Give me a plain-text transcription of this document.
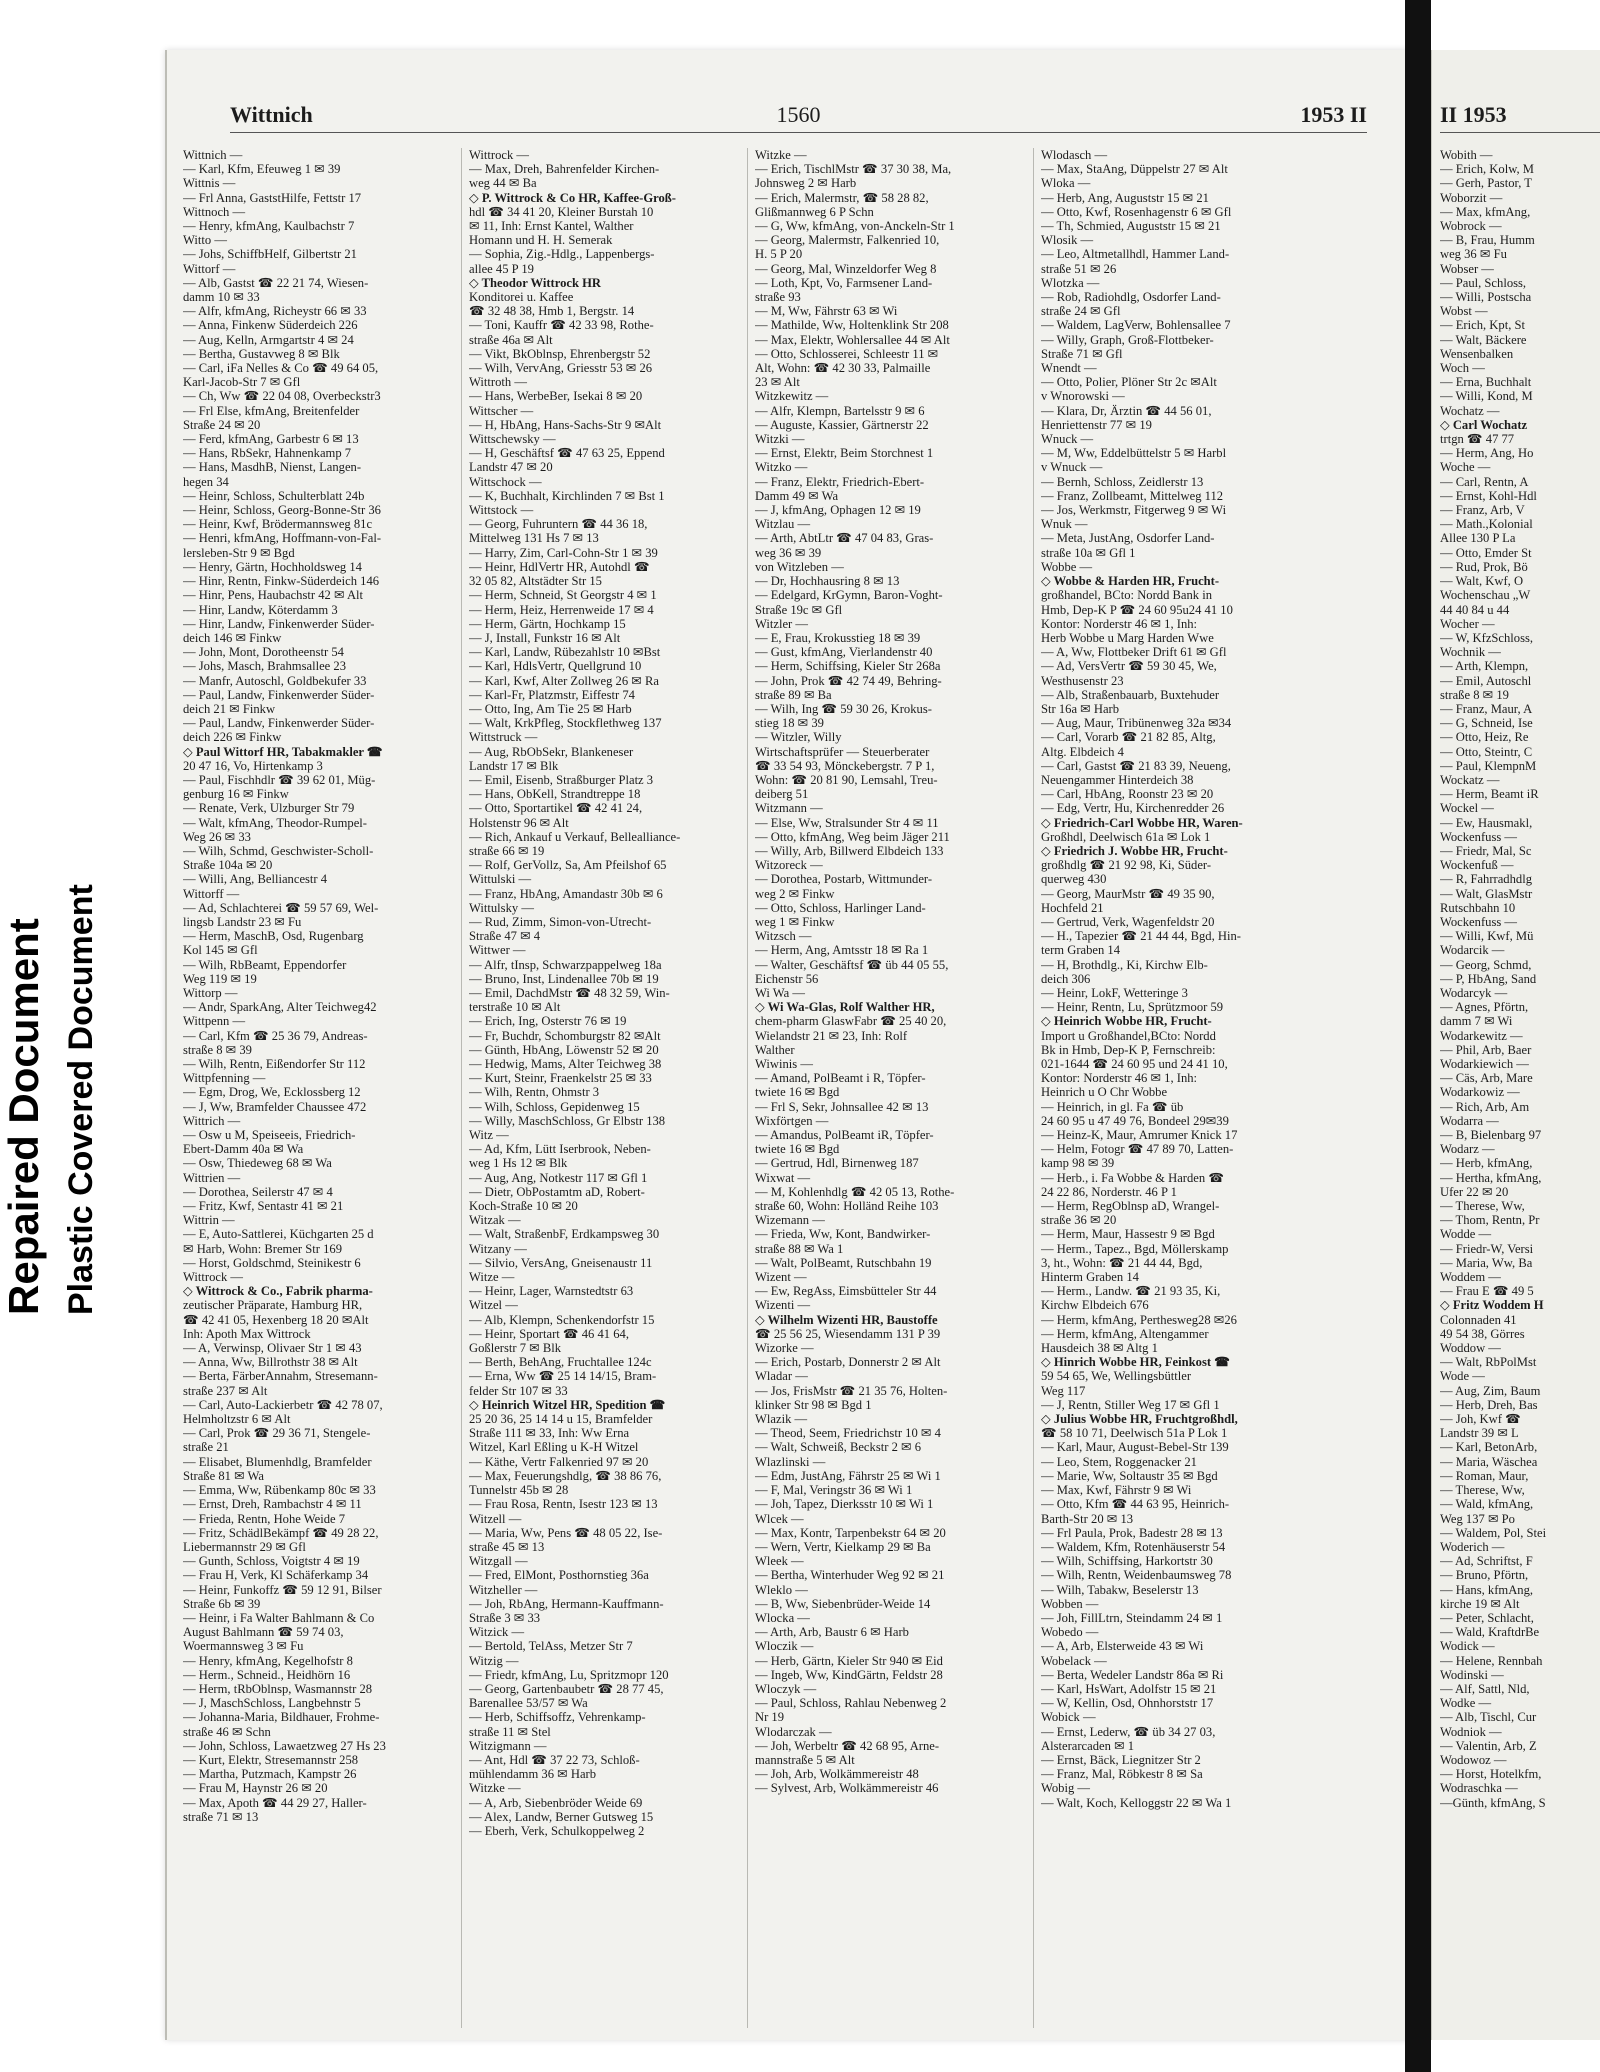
Repaired Document Plastic Covered Document
Wittnich	1560	1953 II
Wittnich —
— Karl, Kfm, Efeuweg 1 ✉ 39
Wittnis —
— Frl Anna, GaststHilfe, Fettstr 17
Wittnoch —
— Henry, kfmAng, Kaulbachstr 7
Witto —
— Johs, SchiffbHelf, Gilbertstr 21
Wittorf —
— Alb, Gastst ☎ 22 21 74, Wiesen-
damm 10 ✉ 33
— Alfr, kfmAng, Richeystr 66 ✉ 33
— Anna, Finkenw Süderdeich 226
— Aug, Kelln, Armgartstr 4 ✉ 24
— Bertha, Gustavweg 8 ✉ Blk
— Carl, iFa Nelles & Co ☎ 49 64 05,
Karl-Jacob-Str 7 ✉ Gfl
— Ch, Ww ☎ 22 04 08, Overbeckstr3
— Frl Else, kfmAng, Breitenfelder
Straße 24 ✉ 20
— Ferd, kfmAng, Garbestr 6 ✉ 13
— Hans, RbSekr, Hahnenkamp 7
— Hans, MasdhB, Nienst, Langen-
hegen 34
— Heinr, Schloss, Schulterblatt 24b
— Heinr, Schloss, Georg-Bonne-Str 36
— Heinr, Kwf, Brödermannsweg 81c
— Henri, kfmAng, Hoffmann-von-Fal-
lersleben-Str 9 ✉ Bgd
— Henry, Gärtn, Hochholdsweg 14
— Hinr, Rentn, Finkw-Süderdeich 146
— Hinr, Pens, Haubachstr 42 ✉ Alt
— Hinr, Landw, Köterdamm 3
— Hinr, Landw, Finkenwerder Süder-
deich 146 ✉ Finkw
— John, Mont, Dorotheenstr 54
— Johs, Masch, Brahmsallee 23
— Manfr, Autoschl, Goldbekufer 33
— Paul, Landw, Finkenwerder Süder-
deich 21 ✉ Finkw
— Paul, Landw, Finkenwerder Süder-
deich 226 ✉ Finkw
◇ Paul Wittorf HR, Tabakmakler ☎
20 47 16, Vo, Hirtenkamp 3
— Paul, Fischhdlr ☎ 39 62 01, Müg-
genburg 16 ✉ Finkw
— Renate, Verk, Ulzburger Str 79
— Walt, kfmAng, Theodor-Rumpel-
Weg 26 ✉ 33
— Wilh, Schmd, Geschwister-Scholl-
Straße 104a ✉ 20
— Willi, Ang, Belliancestr 4
Wittorff —
— Ad, Schlachterei ☎ 59 57 69, Wel-
lingsb Landstr 23 ✉ Fu
— Herm, MaschB, Osd, Rugenbarg
Kol 145 ✉ Gfl
— Wilh, RbBeamt, Eppendorfer
Weg 119 ✉ 19
Wittorp —
— Andr, SparkAng, Alter Teichweg42
Wittpenn —
— Carl, Kfm ☎ 25 36 79, Andreas-
straße 8 ✉ 39
— Wilh, Rentn, Eißendorfer Str 112
Wittpfenning —
— Egm, Drog, We, Ecklossberg 12
— J, Ww, Bramfelder Chaussee 472
Wittrich —
— Osw u M, Speiseeis, Friedrich-
Ebert-Damm 40a ✉ Wa
— Osw, Thiedeweg 68 ✉ Wa
Wittrien —
— Dorothea, Seilerstr 47 ✉ 4
— Fritz, Kwf, Sentastr 41 ✉ 21
Wittrin —
— E, Auto-Sattlerei, Küchgarten 25 d
✉ Harb, Wohn: Bremer Str 169
— Horst, Goldschmd, Steinikestr 6
Wittrock —
◇ Wittrock & Co., Fabrik pharma-
zeutischer Präparate, Hamburg HR,
☎ 42 41 05, Hexenberg 18 20 ✉Alt
Inh: Apoth Max Wittrock
— A, Verwinsp, Olivaer Str 1 ✉ 43
— Anna, Ww, Billrothstr 38 ✉ Alt
— Berta, FärberAnnahm, Stresemann-
straße 237 ✉ Alt
— Carl, Auto-Lackierbetr ☎ 42 78 07,
Helmholtzstr 6 ✉ Alt
— Carl, Prok ☎ 29 36 71, Stengele-
straße 21
— Elisabet, Blumenhdlg, Bramfelder
Straße 81 ✉ Wa
— Emma, Ww, Rübenkamp 80c ✉ 33
— Ernst, Dreh, Rambachstr 4 ✉ 11
— Frieda, Rentn, Hohe Weide 7
— Fritz, SchädlBekämpf ☎ 49 28 22,
Liebermannstr 29 ✉ Gfl
— Gunth, Schloss, Voigtstr 4 ✉ 19
— Frau H, Verk, Kl Schäferkamp 34
— Heinr, Funkoffz ☎ 59 12 91, Bilser
Straße 6b ✉ 39
— Heinr, i Fa Walter Bahlmann & Co
August Bahlmann ☎ 59 74 03,
Woermannsweg 3 ✉ Fu
— Henry, kfmAng, Kegelhofstr 8
— Herm., Schneid., Heidhörn 16
— Herm, tRbOblnsp, Wasmannstr 28
— J, MaschSchloss, Langbehnstr 5
— Johanna-Maria, Bildhauer, Frohme-
straße 46 ✉ Schn
— John, Schloss, Lawaetzweg 27 Hs 23
— Kurt, Elektr, Stresemannstr 258
— Martha, Putzmach, Kampstr 26
— Frau M, Haynstr 26 ✉ 20
— Max, Apoth ☎ 44 29 27, Haller-
straße 71 ✉ 13
Wittrock —
— Max, Dreh, Bahrenfelder Kirchen-
weg 44 ✉ Ba
◇ P. Wittrock & Co HR, Kaffee-Groß-
hdl ☎ 34 41 20, Kleiner Burstah 10
✉ 11, Inh: Ernst Kantel, Walther
Homann und H. H. Semerak
— Sophia, Zig.-Hdlg., Lappenbergs-
allee 45 P 19
◇ Theodor Wittrock HR
Konditorei u. Kaffee
☎ 32 48 38, Hmb 1, Bergstr. 14
— Toni, Kauffr ☎ 42 33 98, Rothe-
straße 46a ✉ Alt
— Vikt, BkOblnsp, Ehrenbergstr 52
— Wilh, VervAng, Griesstr 53 ✉ 26
Wittroth —
— Hans, WerbeBer, Isekai 8 ✉ 20
Wittscher —
— H, HbAng, Hans-Sachs-Str 9 ✉Alt
Wittschewsky —
— H, Geschäftsf ☎ 47 63 25, Eppend
Landstr 47 ✉ 20
Wittschock —
— K, Buchhalt, Kirchlinden 7 ✉ Bst 1
Wittstock —
— Georg, Fuhruntern ☎ 44 36 18,
Mittelweg 131 Hs 7 ✉ 13
— Harry, Zim, Carl-Cohn-Str 1 ✉ 39
— Heinr, HdlVertr HR, Autohdl ☎
32 05 82, Altstädter Str 15
— Herm, Schneid, St Georgstr 4 ✉ 1
— Herm, Heiz, Herrenweide 17 ✉ 4
— Herm, Gärtn, Hochkamp 15
— J, Install, Funkstr 16 ✉ Alt
— Karl, Landw, Rübezahlstr 10 ✉Bst
— Karl, HdlsVertr, Quellgrund 10
— Karl, Kwf, Alter Zollweg 26 ✉ Ra
— Karl-Fr, Platzmstr, Eiffestr 74
— Otto, Ing, Am Tie 25 ✉ Harb
— Walt, KrkPfleg, Stockflethweg 137
Wittstruck —
— Aug, RbObSekr, Blankeneser
Landstr 17 ✉ Blk
— Emil, Eisenb, Straßburger Platz 3
— Hans, ObKell, Strandtreppe 18
— Otto, Sportartikel ☎ 42 41 24,
Holstenstr 96 ✉ Alt
— Rich, Ankauf u Verkauf, Bellealliance-
straße 66 ✉ 19
— Rolf, GerVollz, Sa, Am Pfeilshof 65
Wittulski —
— Franz, HbAng, Amandastr 30b ✉ 6
Wittulsky —
— Rud, Zimm, Simon-von-Utrecht-
Straße 47 ✉ 4
Wittwer —
— Alfr, tInsp, Schwarzpappelweg 18a
— Bruno, Inst, Lindenallee 70b ✉ 19
— Emil, DachdMstr ☎ 48 32 59, Win-
terstraße 10 ✉ Alt
— Erich, Ing, Osterstr 76 ✉ 19
— Fr, Buchdr, Schomburgstr 82 ✉Alt
— Günth, HbAng, Löwenstr 52 ✉ 20
— Hedwig, Mams, Alter Teichweg 38
— Kurt, Steinr, Fraenkelstr 25 ✉ 33
— Wilh, Rentn, Ohmstr 3
— Wilh, Schloss, Gepidenweg 15
— Willy, MaschSchloss, Gr Elbstr 138
Witz —
— Ad, Kfm, Lütt Iserbrook, Neben-
weg 1 Hs 12 ✉ Blk
— Aug, Ang, Notkestr 117 ✉ Gfl 1
— Dietr, ObPostamtm aD, Robert-
Koch-Straße 10 ✉ 20
Witzak —
— Walt, StraßenbF, Erdkampsweg 30
Witzany —
— Silvio, VersAng, Gneisenaustr 11
Witze —
— Heinr, Lager, Warnstedtstr 63
Witzel —
— Alb, Klempn, Schenkendorfstr 15
— Heinr, Sportart ☎ 46 41 64,
Goßlerstr 7 ✉ Blk
— Berth, BehAng, Fruchtallee 124c
— Erna, Ww ☎ 25 14 14/15, Bram-
felder Str 107 ✉ 33
◇ Heinrich Witzel HR, Spedition ☎
25 20 36, 25 14 14 u 15, Bramfelder
Straße 111 ✉ 33, Inh: Ww Erna
Witzel, Karl Eßling u K-H Witzel
— Käthe, Vertr Falkenried 97 ✉ 20
— Max, Feuerungshdlg, ☎ 38 86 76,
Tunnelstr 45b ✉ 28
— Frau Rosa, Rentn, Isestr 123 ✉ 13
Witzell —
— Maria, Ww, Pens ☎ 48 05 22, Ise-
straße 45 ✉ 13
Witzgall —
— Fred, ElMont, Posthornstieg 36a
Witzheller —
— Joh, RbAng, Hermann-Kauffmann-
Straße 3 ✉ 33
Witzick —
— Bertold, TelAss, Metzer Str 7
Witzig —
— Friedr, kfmAng, Lu, Spritzmopr 120
— Georg, Gartenbaubetr ☎ 28 77 45,
Barenallee 53/57 ✉ Wa
— Herb, Schiffsoffz, Vehrenkamp-
straße 11 ✉ Stel
Witzigmann —
— Ant, Hdl ☎ 37 22 73, Schloß-
mühlendamm 36 ✉ Harb
Witzke —
— A, Arb, Siebenbröder Weide 69
— Alex, Landw, Berner Gutsweg 15
— Eberh, Verk, Schulkoppelweg 2
Witzke —
— Erich, TischlMstr ☎ 37 30 38, Ma,
Johnsweg 2 ✉ Harb
— Erich, Malermstr, ☎ 58 28 82,
Glißmannweg 6 P Schn
— G, Ww, kfmAng, von-Anckeln-Str 1
— Georg, Malermstr, Falkenried 10,
H. 5 P 20
— Georg, Mal, Winzeldorfer Weg 8
— Loth, Kpt, Vo, Farmsener Land-
straße 93
— M, Ww, Fährstr 63 ✉ Wi
— Mathilde, Ww, Holtenklink Str 208
— Max, Elektr, Wohlersallee 44 ✉ Alt
— Otto, Schlosserei, Schleestr 11 ✉
Alt, Wohn: ☎ 42 30 33, Palmaille
23 ✉ Alt
Witzkewitz —
— Alfr, Klempn, Bartelsstr 9 ✉ 6
— Auguste, Kassier, Gärtnerstr 22
Witzki —
— Ernst, Elektr, Beim Storchnest 1
Witzko —
— Franz, Elektr, Friedrich-Ebert-
Damm 49 ✉ Wa
— J, kfmAng, Ophagen 12 ✉ 19
Witzlau —
— Arth, AbtLtr ☎ 47 04 83, Gras-
weg 36 ✉ 39
von Witzleben —
— Dr, Hochhausring 8 ✉ 13
— Edelgard, KrGymn, Baron-Voght-
Straße 19c ✉ Gfl
Witzler —
— E, Frau, Krokusstieg 18 ✉ 39
— Gust, kfmAng, Vierlandenstr 40
— Herm, Schiffsing, Kieler Str 268a
— John, Prok ☎ 42 74 49, Behring-
straße 89 ✉ Ba
— Wilh, Ing ☎ 59 30 26, Krokus-
stieg 18 ✉ 39
— Witzler, Willy
Wirtschaftsprüfer — Steuerberater
☎ 33 54 93, Mönckebergstr. 7 P 1,
Wohn: ☎ 20 81 90, Lemsahl, Treu-
deiberg 51
Witzmann —
— Else, Ww, Stralsunder Str 4 ✉ 11
— Otto, kfmAng, Weg beim Jäger 211
— Willy, Arb, Billwerd Elbdeich 133
Witzoreck —
— Dorothea, Postarb, Wittmunder-
weg 2 ✉ Finkw
— Otto, Schloss, Harlinger Land-
weg 1 ✉ Finkw
Witzsch —
— Herm, Ang, Amtsstr 18 ✉ Ra 1
— Walter, Geschäftsf ☎ üb 44 05 55,
Eichenstr 56
Wi Wa —
◇ Wi Wa-Glas, Rolf Walther HR,
chem-pharm GlaswFabr ☎ 25 40 20,
Wielandstr 21 ✉ 23, Inh: Rolf
Walther
Wiwinis —
— Amand, PolBeamt i R, Töpfer-
twiete 16 ✉ Bgd
— Frl S, Sekr, Johnsallee 42 ✉ 13
Wixförtgen —
— Amandus, PolBeamt iR, Töpfer-
twiete 16 ✉ Bgd
— Gertrud, Hdl, Birnenweg 187
Wixwat —
— M, Kohlenhdlg ☎ 42 05 13, Rothe-
straße 60, Wohn: Holländ Reihe 103
Wizemann —
— Frieda, Ww, Kont, Bandwirker-
straße 88 ✉ Wa 1
— Walt, PolBeamt, Rutschbahn 19
Wizent —
— Ew, RegAss, Eimsbütteler Str 44
Wizenti —
◇ Wilhelm Wizenti HR, Baustoffe
☎ 25 56 25, Wiesendamm 131 P 39
Wizorke —
— Erich, Postarb, Donnerstr 2 ✉ Alt
Wladar —
— Jos, FrisMstr ☎ 21 35 76, Holten-
klinker Str 98 ✉ Bgd 1
Wlazik —
— Theod, Seem, Friedrichstr 10 ✉ 4
— Walt, Schweiß, Beckstr 2 ✉ 6
Wlazlinski —
— Edm, JustAng, Fährstr 25 ✉ Wi 1
— F, Mal, Veringstr 36 ✉ Wi 1
— Joh, Tapez, Dierksstr 10 ✉ Wi 1
Wlcek —
— Max, Kontr, Tarpenbekstr 64 ✉ 20
— Wern, Vertr, Kielkamp 29 ✉ Ba
Wleek —
— Bertha, Winterhuder Weg 92 ✉ 21
Wleklo —
— B, Ww, Siebenbrüder-Weide 14
Wlocka —
— Arth, Arb, Baustr 6 ✉ Harb
Wloczik —
— Herb, Gärtn, Kieler Str 940 ✉ Eid
— Ingeb, Ww, KindGärtn, Feldstr 28
Wloczyk —
— Paul, Schloss, Rahlau Nebenweg 2
Nr 19
Wlodarczak —
— Joh, Werbeltr ☎ 42 68 95, Arne-
mannstraße 5 ✉ Alt
— Joh, Arb, Wolkämmereistr 48
— Sylvest, Arb, Wolkämmereistr 46
Wlodasch —
— Max, StaAng, Düppelstr 27 ✉ Alt
Wloka —
— Herb, Ang, Auguststr 15 ✉ 21
— Otto, Kwf, Rosenhagenstr 6 ✉ Gfl
— Th, Schmied, Auguststr 15 ✉ 21
Wlosik —
— Leo, Altmetallhdl, Hammer Land-
straße 51 ✉ 26
Wlotzka —
— Rob, Radiohdlg, Osdorfer Land-
straße 24 ✉ Gfl
— Waldem, LagVerw, Bohlensallee 7
— Willy, Graph, Groß-Flottbeker-
Straße 71 ✉ Gfl
Wnendt —
— Otto, Polier, Plöner Str 2c ✉Alt
v Wnorowski —
— Klara, Dr, Ärztin ☎ 44 56 01,
Henriettenstr 77 ✉ 19
Wnuck —
— M, Ww, Eddelbüttelstr 5 ✉ Harbl
v Wnuck —
— Bernh, Schloss, Zeidlerstr 13
— Franz, Zollbeamt, Mittelweg 112
— Jos, Werkmstr, Fitgerweg 9 ✉ Wi
Wnuk —
— Meta, JustAng, Osdorfer Land-
straße 10a ✉ Gfl 1
Wobbe —
◇ Wobbe & Harden HR, Frucht-
großhandel, BCto: Nordd Bank in
Hmb, Dep-K P ☎ 24 60 95u24 41 10
Kontor: Norderstr 46 ✉ 1, Inh:
Herb Wobbe u Marg Harden Wwe
— A, Ww, Flottbeker Drift 61 ✉ Gfl
— Ad, VersVertr ☎ 59 30 45, We,
Westhusenstr 23
— Alb, Straßenbauarb, Buxtehuder
Str 16a ✉ Harb
— Aug, Maur, Tribünenweg 32a ✉34
— Carl, Vorarb ☎ 21 82 85, Altg,
Altg. Elbdeich 4
— Carl, Gastst ☎ 21 83 39, Neueng,
Neuengammer Hinterdeich 38
— Carl, HbAng, Roonstr 23 ✉ 20
— Edg, Vertr, Hu, Kirchenredder 26
◇ Friedrich-Carl Wobbe HR, Waren-
Großhdl, Deelwisch 61a ✉ Lok 1
◇ Friedrich J. Wobbe HR, Frucht-
großhdlg ☎ 21 92 98, Ki, Süder-
querweg 430
— Georg, MaurMstr ☎ 49 35 90,
Hochfeld 21
— Gertrud, Verk, Wagenfeldstr 20
— H., Tapezier ☎ 21 44 44, Bgd, Hin-
term Graben 14
— H, Brothdlg., Ki, Kirchw Elb-
deich 306
— Heinr, LokF, Wetteringe 3
— Heinr, Rentn, Lu, Sprützmoor 59
◇ Heinrich Wobbe HR, Frucht-
Import u Großhandel,BCto: Nordd
Bk in Hmb, Dep-K P, Fernschreib:
021-1644 ☎ 24 60 95 und 24 41 10,
Kontor: Norderstr 46 ✉ 1, Inh:
Heinrich u O Chr Wobbe
— Heinrich, in gl. Fa ☎ üb
24 60 95 u 47 49 76, Bondeel 29✉39
— Heinz-K, Maur, Amrumer Knick 17
— Helm, Fotogr ☎ 47 89 70, Latten-
kamp 98 ✉ 39
— Herb., i. Fa Wobbe & Harden ☎
24 22 86, Norderstr. 46 P 1
— Herm, RegOblnsp aD, Wrangel-
straße 36 ✉ 20
— Herm, Maur, Hassestr 9 ✉ Bgd
— Herm., Tapez., Bgd, Möllerskamp
3, ht., Wohn: ☎ 21 44 44, Bgd,
Hinterm Graben 14
— Herm., Landw. ☎ 21 93 35, Ki,
Kirchw Elbdeich 676
— Herm, kfmAng, Perthesweg28 ✉26
— Herm, kfmAng, Altengammer
Hausdeich 38 ✉ Altg 1
◇ Hinrich Wobbe HR, Feinkost ☎
59 54 65, We, Wellingsbüttler
Weg 117
— J, Rentn, Stiller Weg 17 ✉ Gfl 1
◇ Julius Wobbe HR, Fruchtgroßhdl,
☎ 58 10 71, Deelwisch 51a P Lok 1
— Karl, Maur, August-Bebel-Str 139
— Leo, Stem, Roggenacker 21
— Marie, Ww, Soltaustr 35 ✉ Bgd
— Max, Kwf, Fährstr 9 ✉ Wi
— Otto, Kfm ☎ 44 63 95, Heinrich-
Barth-Str 20 ✉ 13
— Frl Paula, Prok, Badestr 28 ✉ 13
— Waldem, Kfm, Rotenhäuserstr 54
— Wilh, Schiffsing, Harkortstr 30
— Wilh, Rentn, Weidenbaumsweg 78
— Wilh, Tabakw, Beselerstr 13
Wobben —
— Joh, FillLtrn, Steindamm 24 ✉ 1
Wobedo —
— A, Arb, Elsterweide 43 ✉ Wi
Wobelack —
— Berta, Wedeler Landstr 86a ✉ Ri
— Karl, HsWart, Adolfstr 15 ✉ 21
— W, Kellin, Osd, Ohnhorststr 17
Wobick —
— Ernst, Lederw, ☎ üb 34 27 03,
Alsterarcaden ✉ 1
— Ernst, Bäck, Liegnitzer Str 2
— Franz, Mal, Röbkestr 8 ✉ Sa
Wobig —
— Walt, Koch, Kelloggstr 22 ✉ Wa 1
II 1953
Wobith —
— Erich, Kolw, M
— Gerh, Pastor, T
Woborzit —
— Max, kfmAng,
Wobrock —
— B, Frau, Humm
weg 36 ✉ Fu
Wobser —
— Paul, Schloss,
— Willi, Postscha
Wobst —
— Erich, Kpt, St
— Walt, Bäckere
Wensenbalken
Woch —
— Erna, Buchhalt
— Willi, Kond, M
Wochatz —
◇ Carl Wochatz
trtgn ☎ 47 77
— Herm, Ang, Ho
Woche —
— Carl, Rentn, A
— Ernst, Kohl-Hdl
— Franz, Arb, V
— Math.,Kolonial
Allee 130 P La
— Otto, Emder St
— Rud, Prok, Bö
— Walt, Kwf, O
Wochenschau „W
44 40 84 u 44
Wocher —
— W, KfzSchloss,
Wochnik —
— Arth, Klempn,
— Emil, Autoschl
straße 8 ✉ 19
— Franz, Maur, A
— G, Schneid, Ise
— Otto, Heiz, Re
— Otto, Steintr, C
— Paul, KlempnM
Wockatz —
— Herm, Beamt iR
Wockel —
— Ew, Hausmakl,
Wockenfuss —
— Friedr, Mal, Sc
Wockenfuß —
— R, Fahrradhdlg
— Walt, GlasMstr
Rutschbahn 10
Wockenfuss —
— Willi, Kwf, Mü
Wodarcik —
— Georg, Schmd,
— P, HbAng, Sand
Wodarcyk —
— Agnes, Pförtn,
damm 7 ✉ Wi
Wodarkewitz —
— Phil, Arb, Baer
Wodarkiewich —
— Cäs, Arb, Mare
Wodarkowiz —
— Rich, Arb, Am
Wodarra —
— B, Bielenbarg 97
Wodarz —
— Herb, kfmAng,
— Hertha, kfmAng,
Ufer 22 ✉ 20
— Therese, Ww,
— Thom, Rentn, Pr
Wodde —
— Friedr-W, Versi
— Maria, Ww, Ba
Woddem —
— Frau E ☎ 49 5
◇ Fritz Woddem H
Colonnaden 41
49 54 38, Görres
Woddow —
— Walt, RbPolMst
Wode —
— Aug, Zim, Baum
— Herb, Dreh, Bas
— Joh, Kwf ☎
Landstr 39 ✉ L
— Karl, BetonArb,
— Maria, Wäschea
— Roman, Maur,
— Therese, Ww,
— Wald, kfmAng,
Weg 137 ✉ Po
— Waldem, Pol, Stei
Woderich —
— Ad, Schriftst, F
— Bruno, Pförtn,
— Hans, kfmAng,
kirche 19 ✉ Alt
— Peter, Schlacht,
— Wald, KraftdrBe
Wodick —
— Helene, Rennbah
Wodinski —
— Alf, Sattl, Nld,
Wodke —
— Alb, Tischl, Cur
Wodniok —
— Valentin, Arb, Z
Wodowoz —
— Horst, Hotelkfm,
Wodraschka —
—Günth, kfmAng, S
